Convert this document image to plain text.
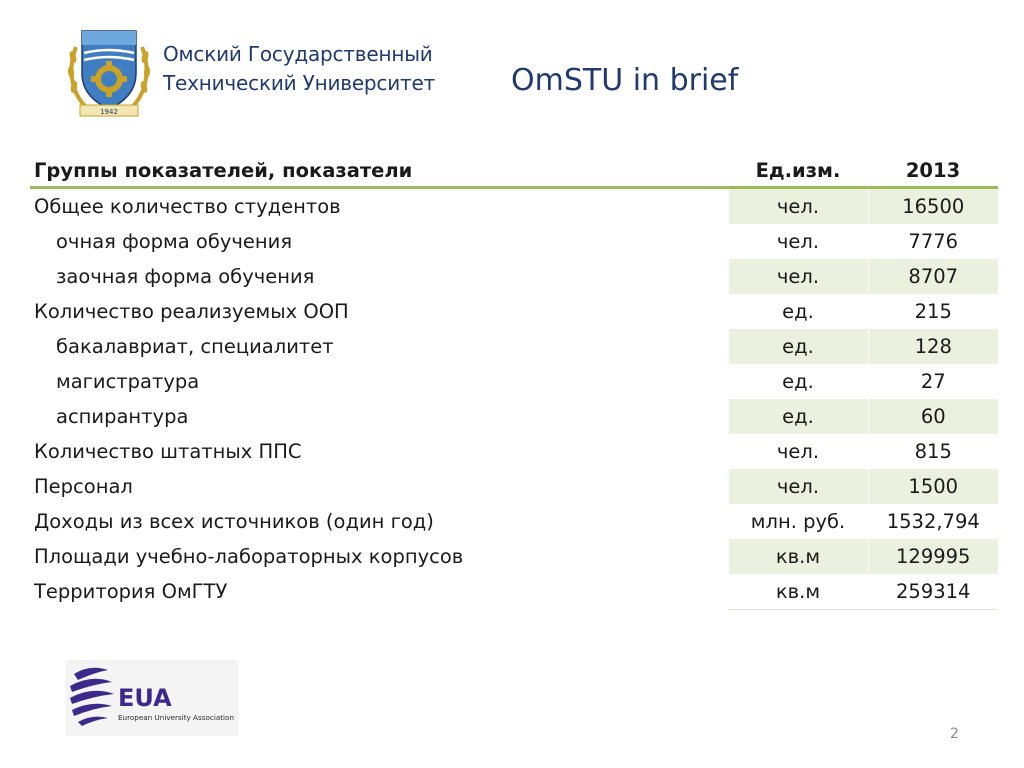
1942
Омский Государственный
Технический Университет	OmSTU in brief
Группы показателей, показатели	Ед.изм.	2013
Общее количество студентов	чел.	16500
очная форма обучения	чел.	7776
заочная форма обучения	чел.	8707
Количество реализуемых ООП	ед.	215
бакалавриат, специалитет	ед.	128
магистратура	ед.	27
аспирантура	ед.	60
Количество штатных ППС	чел.	815
Персонал	чел.	1500
Доходы из всех источников (один год)	млн. руб.	1532,794
Площади учебно-лабораторных корпусов	кв.м	129995
Территория ОмГТУ	кв.м	259314
EUA
European University Association
2
